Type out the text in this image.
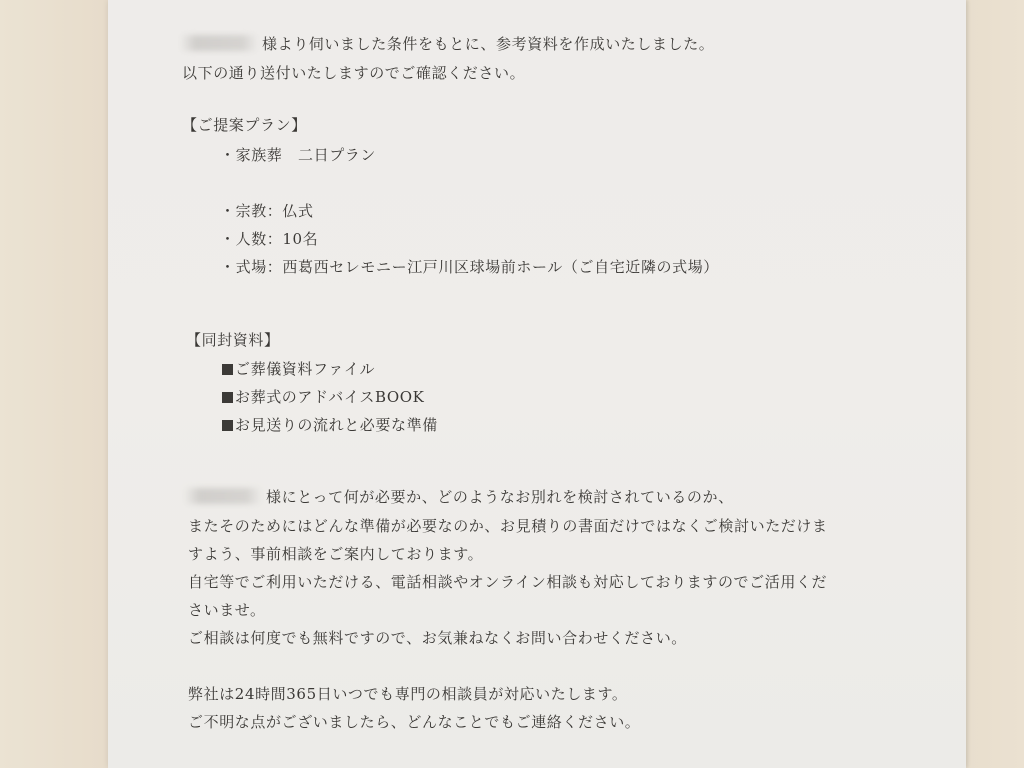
様より伺いました条件をもとに、参考資料を作成いたしました。
以下の通り送付いたしますのでご確認ください。
【ご提案プラン】
・家族葬　二日プラン
・宗教：仏式
・人数：10名
・式場：西葛西セレモニー江戸川区球場前ホール（ご自宅近隣の式場）
【同封資料】
ご葬儀資料ファイル
お葬式のアドバイスBOOK
お見送りの流れと必要な準備
様にとって何が必要か、どのようなお別れを検討されているのか、
またそのためにはどんな準備が必要なのか、お見積りの書面だけではなくご検討いただけま
すよう、事前相談をご案内しております。
自宅等でご利用いただける、電話相談やオンライン相談も対応しておりますのでご活用くだ
さいませ。
ご相談は何度でも無料ですので、お気兼ねなくお問い合わせください。
弊社は24時間365日いつでも専門の相談員が対応いたします。
ご不明な点がございましたら、どんなことでもご連絡ください。
